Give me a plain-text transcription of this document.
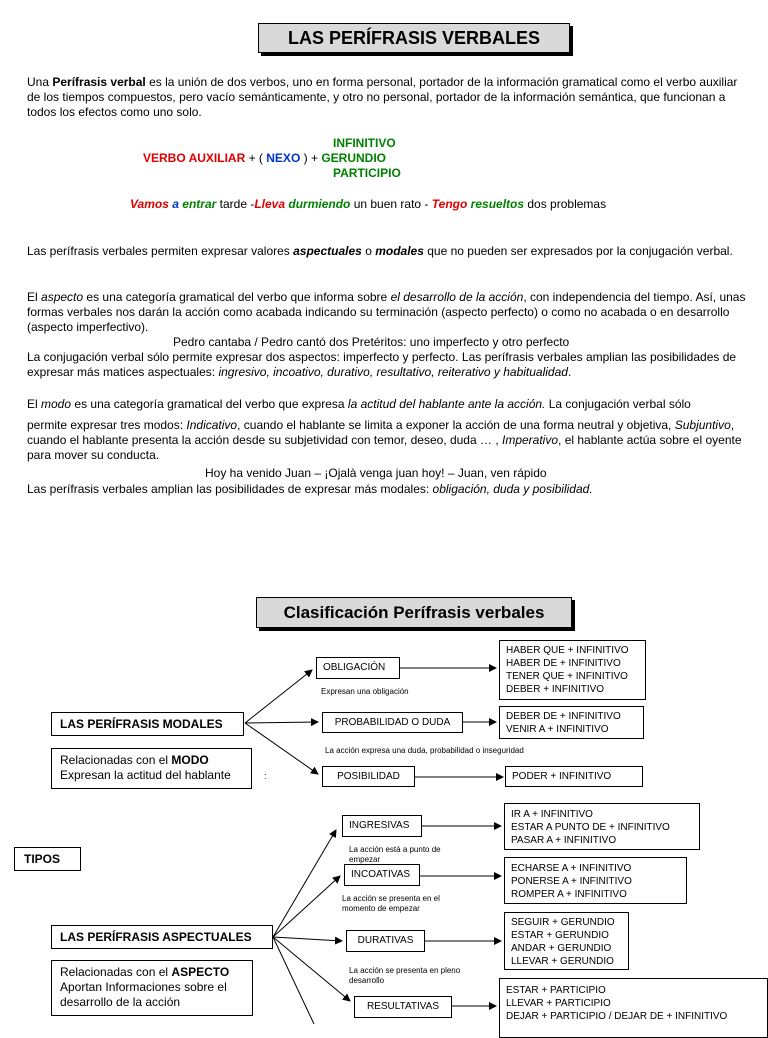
LAS PERÍFRASIS VERBALES
Una Perífrasis verbal es la unión de dos verbos, uno en forma personal, portador de la información gramatical como el verbo auxiliar de los tiempos compuestos, pero vacío semánticamente, y otro no personal, portador de la información semántica, que funcionan a todos los efectos como uno solo.
INFINITIVO
VERBO AUXILIAR + ( NEXO ) + GERUNDIO
PARTICIPIO
Vamos a entrar tarde -Lleva durmiendo un buen rato - Tengo resueltos dos problemas
Las perífrasis verbales permiten expresar valores aspectuales o modales que no pueden ser expresados por la conjugación verbal.
El aspecto es una categoría gramatical del verbo que informa sobre el desarrollo de la acción, con independencia del tiempo. Así, unas formas verbales nos darán la acción como acabada indicando su terminación (aspecto perfecto) o como no acabada o en desarrollo (aspecto imperfectivo).
Pedro cantaba / Pedro cantó dos Pretéritos: uno imperfecto y otro perfecto
La conjugación verbal sólo permite expresar dos aspectos: imperfecto y perfecto. Las perífrasis verbales amplian las posibilidades de expresar más matices aspectuales: ingresivo, incoativo, durativo, resultativo, reiterativo y habitualidad.
El modo es una categoría gramatical del verbo que expresa la actitud del hablante ante la acción. La conjugación verbal sólo
permite expresar tres modos: Indicativo, cuando el hablante se limita a exponer la acción de una forma neutral y objetiva, Subjuntivo, cuando el hablante presenta la acción desde su subjetividad con temor, deseo, duda … , Imperativo, el hablante actúa sobre el oyente para mover su conducta.
Hoy ha venido Juan – ¡Ojalà venga juan hoy! – Juan, ven rápido
Las perífrasis verbales amplian las posibilidades de expresar más modales: obligación, duda y posibilidad.
Clasificación Perífrasis verbales
TIPOS
LAS PERÍFRASIS MODALES
Relacionadas con el MODO
Expresan la actitud del hablante	:
OBLIGACIÓN
Expresan una obligación
HABER QUE + INFINITIVO
HABER DE + INFINITIVO
TENER QUE + INFINITIVO
DEBER + INFINITIVO
PROBABILIDAD O DUDA
La acción expresa una duda, probabilidad o inseguridad
DEBER DE + INFINITIVO
VENIR A + INFINITIVO
POSIBILIDAD	PODER + INFINITIVO
LAS PERÍFRASIS ASPECTUALES
Relacionadas con el ASPECTO
Aportan Informaciones sobre el
desarrollo de la acción
INGRESIVAS
La acción está a punto de empezar
IR A + INFINITIVO
ESTAR A PUNTO DE + INFINITIVO
PASAR A + INFINITIVO
INCOATIVAS
La acción se presenta en el momento de empezar
ECHARSE A + INFINITIVO
PONERSE A + INFINITIVO
ROMPER A + INFINITIVO
DURATIVAS
La acción se presenta en pleno desarrollo
SEGUIR + GERUNDIO
ESTAR + GERUNDIO
ANDAR + GERUNDIO
LLEVAR + GERUNDIO
RESULTATIVAS
ESTAR + PARTICIPIO
LLEVAR + PARTICIPIO
DEJAR + PARTICIPIO / DEJAR DE + INFINITIVO
